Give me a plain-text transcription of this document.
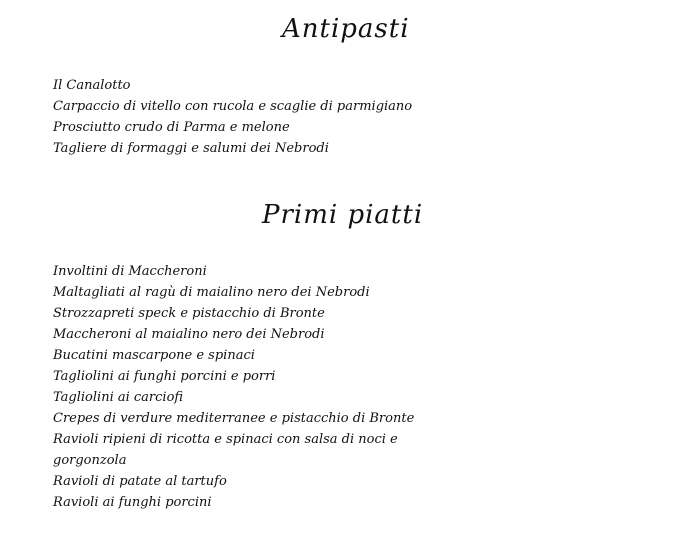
Antipasti
Il Canalotto
Carpaccio di vitello con rucola e scaglie di parmigiano
Prosciutto crudo di Parma e melone
Tagliere di formaggi e salumi dei Nebrodi
Primi piatti
Involtini di Maccheroni
Maltagliati al ragù di maialino nero dei Nebrodi
Strozzapreti speck e pistacchio di Bronte
Maccheroni al maialino nero dei Nebrodi
Bucatini mascarpone e spinaci
Tagliolini ai funghi porcini e porri
Tagliolini ai carciofi
Crepes di verdure mediterranee e pistacchio di Bronte
Ravioli ripieni di ricotta e spinaci con salsa di noci e
gorgonzola
Ravioli di patate al tartufo
Ravioli ai funghi porcini
